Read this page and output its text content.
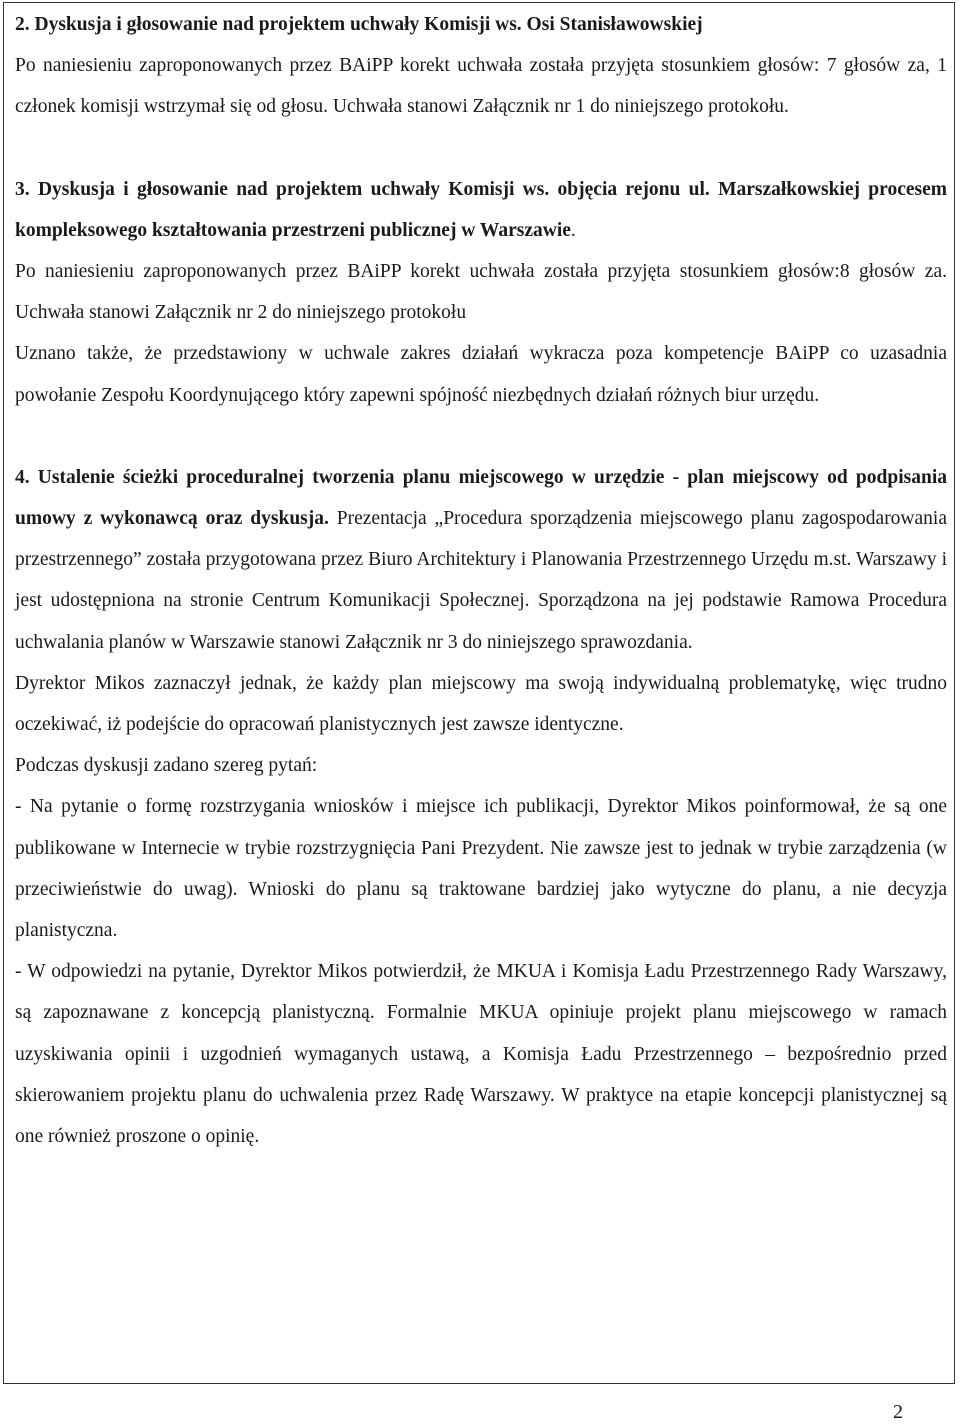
2. Dyskusja i głosowanie nad projektem uchwały Komisji ws. Osi Stanisławowskiej
Po naniesieniu zaproponowanych przez BAiPP korekt uchwała została przyjęta stosunkiem głosów: 7 głosów za, 1 członek komisji wstrzymał się od głosu. Uchwała stanowi Załącznik nr 1 do niniejszego protokołu.

3. Dyskusja i głosowanie nad projektem uchwały Komisji ws. objęcia rejonu ul. Marszałkowskiej procesem kompleksowego kształtowania przestrzeni publicznej w Warszawie.

Po naniesieniu zaproponowanych przez BAiPP korekt uchwała została przyjęta stosunkiem głosów:8 głosów za. Uchwała stanowi Załącznik nr 2 do niniejszego protokołu

Uznano także, że przedstawiony w uchwale zakres działań wykracza poza kompetencje BAiPP co uzasadnia powołanie Zespołu Koordynującego który zapewni spójność niezbędnych działań różnych biur urzędu.

4. Ustalenie ścieżki proceduralnej tworzenia planu miejscowego w urzędzie - plan miejscowy od podpisania umowy z wykonawcą oraz dyskusja. Prezentacja „Procedura sporządzenia miejscowego planu zagospodarowania przestrzennego” została przygotowana przez Biuro Architektury i Planowania Przestrzennego Urzędu m.st. Warszawy i jest udostępniona na stronie Centrum Komunikacji Społecznej. Sporządzona na jej podstawie Ramowa Procedura uchwalania planów w Warszawie stanowi Załącznik nr 3 do niniejszego sprawozdania.

Dyrektor Mikos zaznaczył jednak, że każdy plan miejscowy ma swoją indywidualną problematykę, więc trudno oczekiwać, iż podejście do opracowań planistycznych jest zawsze identyczne.

Podczas dyskusji zadano szereg pytań:

- Na pytanie o formę rozstrzygania wniosków i miejsce ich publikacji, Dyrektor Mikos poinformował, że są one publikowane w Internecie w trybie rozstrzygnięcia Pani Prezydent. Nie zawsze jest to jednak w trybie zarządzenia (w przeciwieństwie do uwag). Wnioski do planu są traktowane bardziej jako wytyczne do planu, a nie decyzja planistyczna.

- W odpowiedzi na pytanie, Dyrektor Mikos potwierdził, że MKUA i Komisja Ładu Przestrzennego Rady Warszawy, są zapoznawane z koncepcją planistyczną. Formalnie MKUA opiniuje projekt planu miejscowego w ramach uzyskiwania opinii i uzgodnień wymaganych ustawą, a Komisja Ładu Przestrzennego – bezpośrednio przed skierowaniem projektu planu do uchwalenia przez Radę Warszawy. W praktyce na etapie koncepcji planistycznej są one również proszone o opinię.

2
